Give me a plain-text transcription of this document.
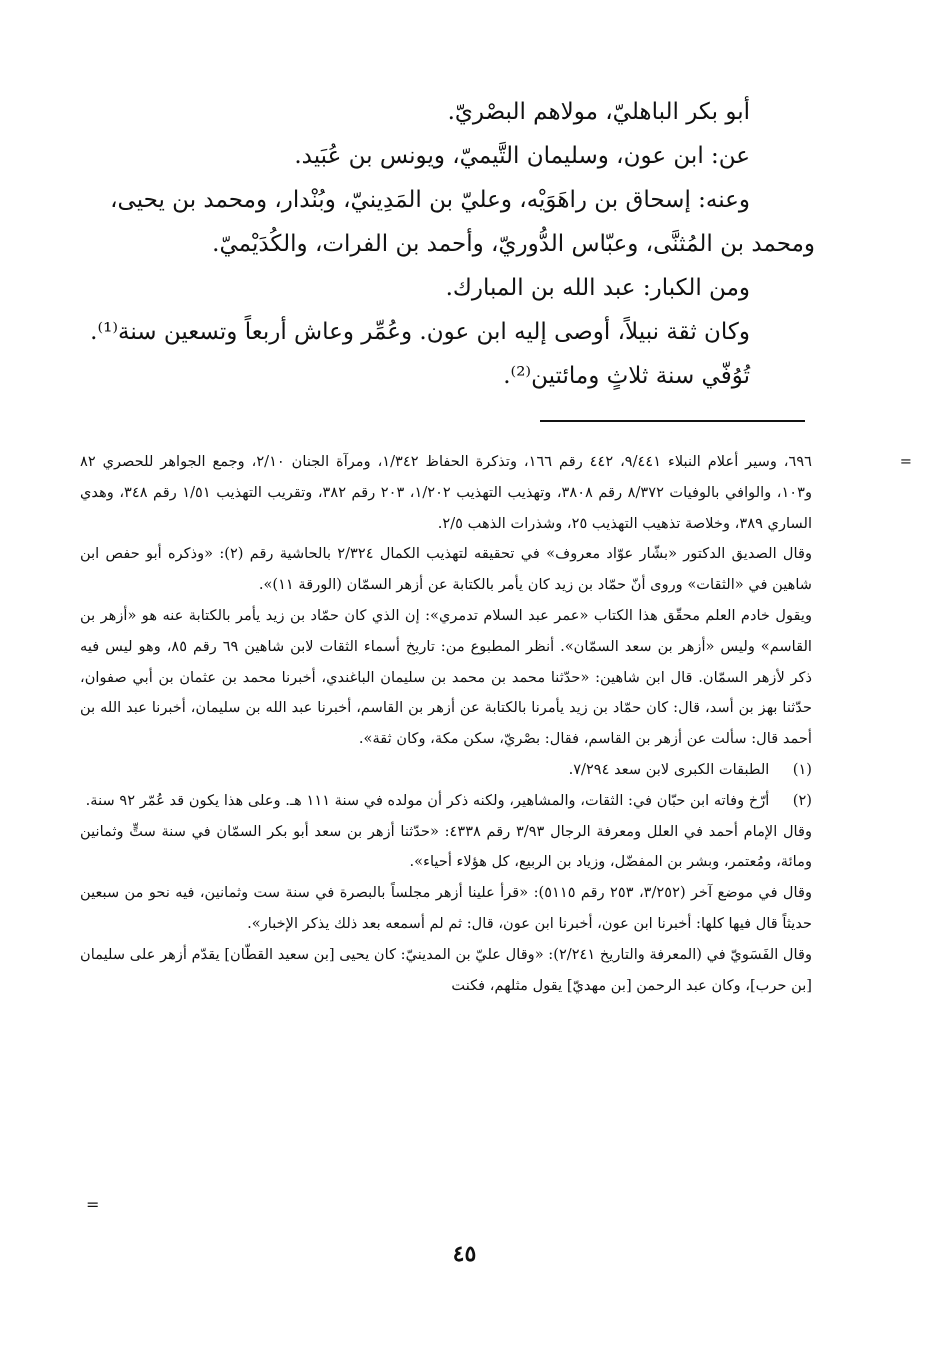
أبو بكر الباهليّ، مولاهم البصْريّ.

عن: ابن عون، وسليمان التَّيميّ، ويونس بن عُبَيد.

وعنه: إسحاق بن راهَوَيْه، وعليّ بن المَدِينيّ، وبُنْدار، ومحمد بن يحيى،

ومحمد بن المُثنَّى، وعبّاس الدُّوريّ، وأحمد بن الفرات، والكُدَيْميّ.

ومن الكبار: عبد الله بن المبارك.

وكان ثقة نبيلاً، أوصى إليه ابن عون. وعُمِّر وعاش أربعاً وتسعين سنة⁽¹⁾.

تُوُفّي سنة ثلاثٍ ومائتين⁽²⁾.

=

٦٩٦، وسير أعلام النبلاء ٩/٤٤١، ٤٤٢ رقم ١٦٦، وتذكرة الحفاظ ١/٣٤٢، ومرآة الجنان ٢/١٠، وجمع الجواهر للحصري ٨٢ و١٠٣، والوافي بالوفيات ٨/٣٧٢ رقم ٣٨٠٨، وتهذيب التهذيب ١/٢٠٢، ٢٠٣ رقم ٣٨٢، وتقريب التهذيب ١/٥١ رقم ٣٤٨، وهدي الساري ٣٨٩، وخلاصة تذهيب التهذيب ٢٥، وشذرات الذهب ٢/٥.

وقال الصديق الدكتور «بشّار عوّاد معروف» في تحقيقه لتهذيب الكمال ٢/٣٢٤ بالحاشية رقم (٢): «وذكره أبو حفص ابن شاهين في «الثقات» وروى أنّ حمّاد بن زيد كان يأمر بالكتابة عن أزهر السمّان (الورقة ١١)».

ويقول خادم العلم محقّق هذا الكتاب «عمر عبد السلام تدمري»: إن الذي كان حمّاد بن زيد يأمر بالكتابة عنه هو «أزهر بن القاسم» وليس «أزهر بن سعد السمّان». أنظر المطبوع من: تاريخ أسماء الثقات لابن شاهين ٦٩ رقم ٨٥، وهو ليس فيه ذكر لأزهر السمّان. قال ابن شاهين: «حدّثنا محمد بن محمد بن سليمان الباغندي، أخبرنا محمد بن عثمان بن أبي صفوان، حدّثنا بهز بن أسد، قال: كان حمّاد بن زيد يأمرنا بالكتابة عن أزهر بن القاسم، أخبرنا عبد الله بن سليمان، أخبرنا عبد الله بن أحمد قال: سألت عن أزهر بن القاسم، فقال: بصْريّ، سكن مكة، وكان ثقة».

(١) الطبقات الكبرى لابن سعد ٧/٢٩٤.

(٢) أرّخ وفاته ابن حبّان في: الثقات، والمشاهير، ولكنه ذكر أن مولده في سنة ١١١ هـ. وعلى هذا يكون قد عُمّر ٩٢ سنة.

وقال الإمام أحمد في العلل ومعرفة الرجال ٣/٩٣ رقم ٤٣٣٨: «حدّثنا أزهر بن سعد أبو بكر السمّان في سنة ستٍّ وثمانين ومائة، ومُعتمر، وبشر بن المفضّل، وزياد بن الربيع، كل هؤلاء أحياء».

وقال في موضع آخر (٣/٢٥٢، ٢٥٣ رقم ٥١١٥): «قرأ علينا أزهر مجلساً بالبصرة في سنة ست وثمانين، فيه نحو من سبعين حديثاً قال فيها كلها: أخبرنا ابن عون، أخبرنا ابن عون، قال: ثم لم أسمعه بعد ذلك يذكر الإخبار».

وقال الفَسَويّ في (المعرفة والتاريخ ٢/٢٤١): «وقال عليّ بن المدينيّ: كان يحيى [بن سعيد القطّان] يقدّم أزهر على سليمان [بن حرب]، وكان عبد الرحمن [بن مهديّ] يقول مثلهم، فكنت

=
٤٥
